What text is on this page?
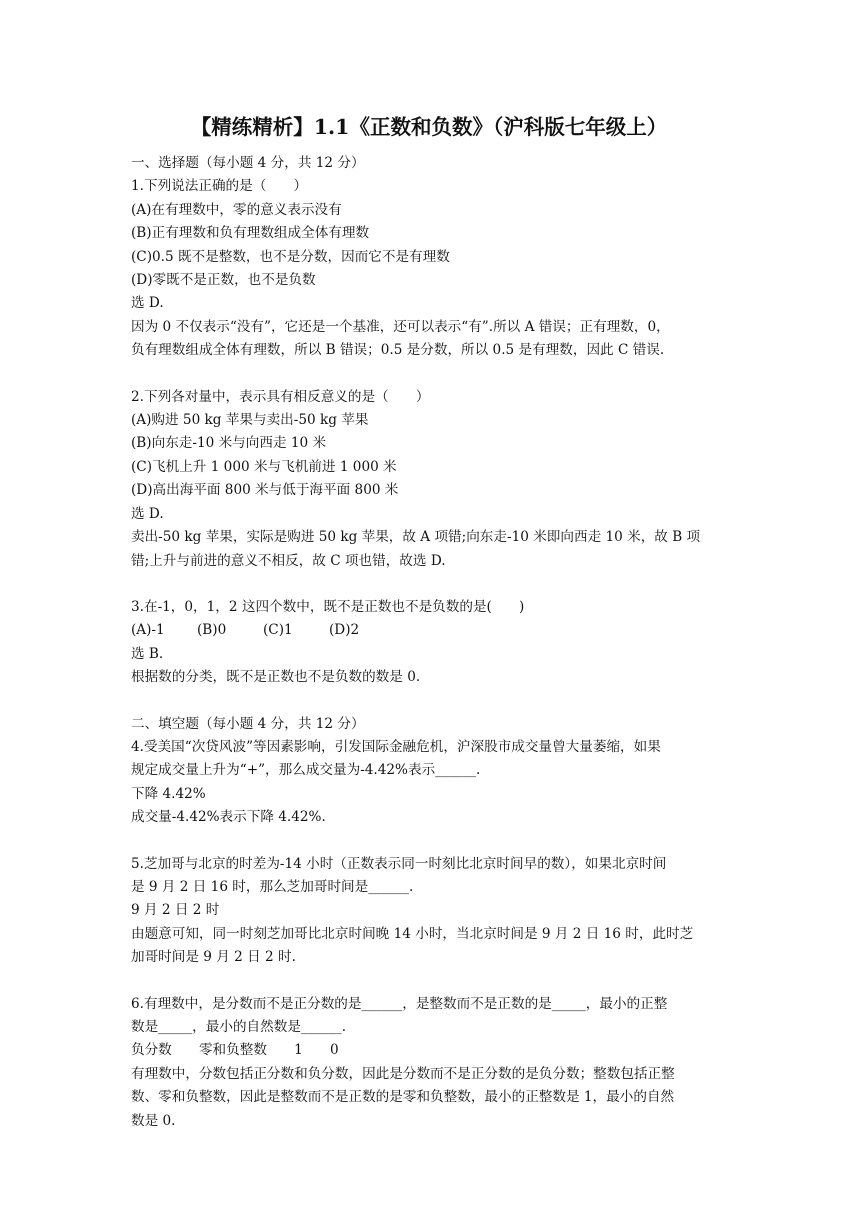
【精练精析】1.1《正数和负数》（沪科版七年级上）
一、选择题（每小题 4 分，共 12 分）
1.下列说法正确的是（　　）
(A)在有理数中，零的意义表示没有
(B)正有理数和负有理数组成全体有理数
(C)0.5 既不是整数，也不是分数，因而它不是有理数
(D)零既不是正数，也不是负数
选 D.
因为 0 不仅表示“没有”，它还是一个基准，还可以表示“有”.所以 A 错误；正有理数，0，
负有理数组成全体有理数，所以 B 错误；0.5 是分数，所以 0.5 是有理数，因此 C 错误.
2.下列各对量中，表示具有相反意义的是（　　）
(A)购进 50 kg 苹果与卖出-50 kg 苹果
(B)向东走-10 米与向西走 10 米
(C)飞机上升 1 000 米与飞机前进 1 000 米
(D)高出海平面 800 米与低于海平面 800 米
选 D.
卖出-50 kg 苹果，实际是购进 50 kg 苹果，故 A 项错;向东走-10 米即向西走 10 米，故 B 项
错;上升与前进的意义不相反，故 C 项也错，故选 D.
3.在-1，0，1，2 这四个数中，既不是正数也不是负数的是(　　)
(A)-1 (B)0	(C)1	(D)2
选 B.
根据数的分类，既不是正数也不是负数的数是 0.
二、填空题（每小题 4 分，共 12 分）
4.受美国“次贷风波”等因素影响，引发国际金融危机，沪深股市成交量曾大量萎缩，如果
规定成交量上升为“+”，那么成交量为-4.42%表示______.
下降 4.42%
成交量-4.42%表示下降 4.42%.
5.芝加哥与北京的时差为-14 小时（正数表示同一时刻比北京时间早的数），如果北京时间
是 9 月 2 日 16 时，那么芝加哥时间是______.
9 月 2 日 2 时
由题意可知，同一时刻芝加哥比北京时间晚 14 小时，当北京时间是 9 月 2 日 16 时，此时芝
加哥时间是 9 月 2 日 2 时.
6.有理数中，是分数而不是正分数的是______，是整数而不是正数的是_____，最小的正整
数是_____，最小的自然数是______.
负分数　　零和负整数　　1　　0
有理数中，分数包括正分数和负分数，因此是分数而不是正分数的是负分数；整数包括正整
数、零和负整数，因此是整数而不是正数的是零和负整数，最小的正整数是 1，最小的自然
数是 0.
